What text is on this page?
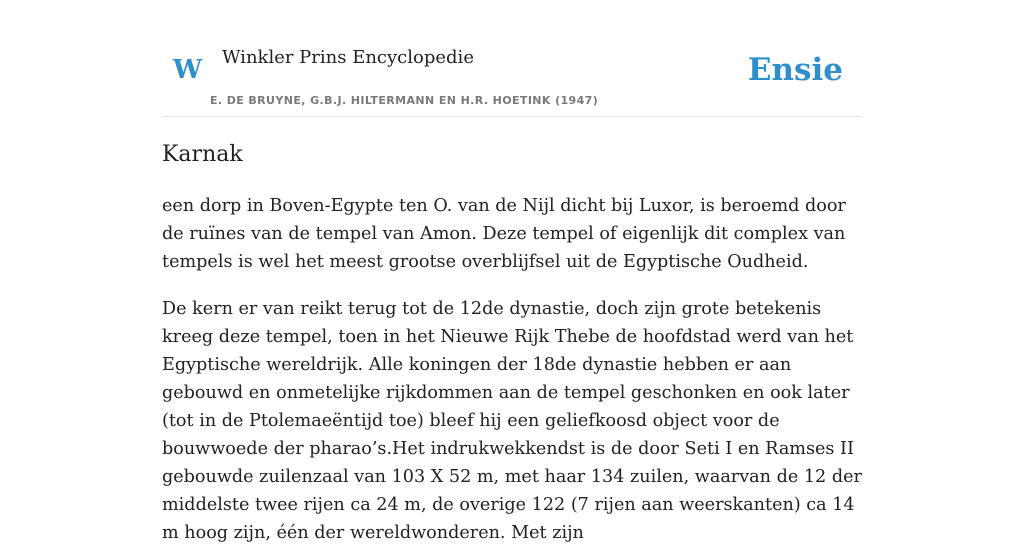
W Winkler Prins Encyclopedie
E. DE BRUYNE, G.B.J. HILTERMANN EN H.R. HOETINK (1947)
Ensie
Karnak

een dorp in Boven-Egypte ten O. van de Nijl dicht bij Luxor, is beroemd door de ruïnes van de tempel van Amon. Deze tempel of eigenlijk dit complex van tempels is wel het meest grootse overblijfsel uit de Egyptische Oudheid.

De kern er van reikt terug tot de 12de dynastie, doch zijn grote betekenis kreeg deze tempel, toen in het Nieuwe Rijk Thebe de hoofdstad werd van het Egyptische wereldrijk. Alle koningen der 18de dynastie hebben er aan gebouwd en onmetelijke rijkdommen aan de tempel geschonken en ook later (tot in de Ptolemaeëntijd toe) bleef hij een geliefkoosd object voor de bouwwoede der pharao’s.Het indrukwekkendst is de door Seti I en Ramses II gebouwde zuilenzaal van 103 X 52 m, met haar 134 zuilen, waarvan de 12 der middelste twee rijen ca 24 m, de overige 122 (7 rijen aan weerskanten) ca 14 m hoog zijn, één der wereldwonderen. Met zijn
